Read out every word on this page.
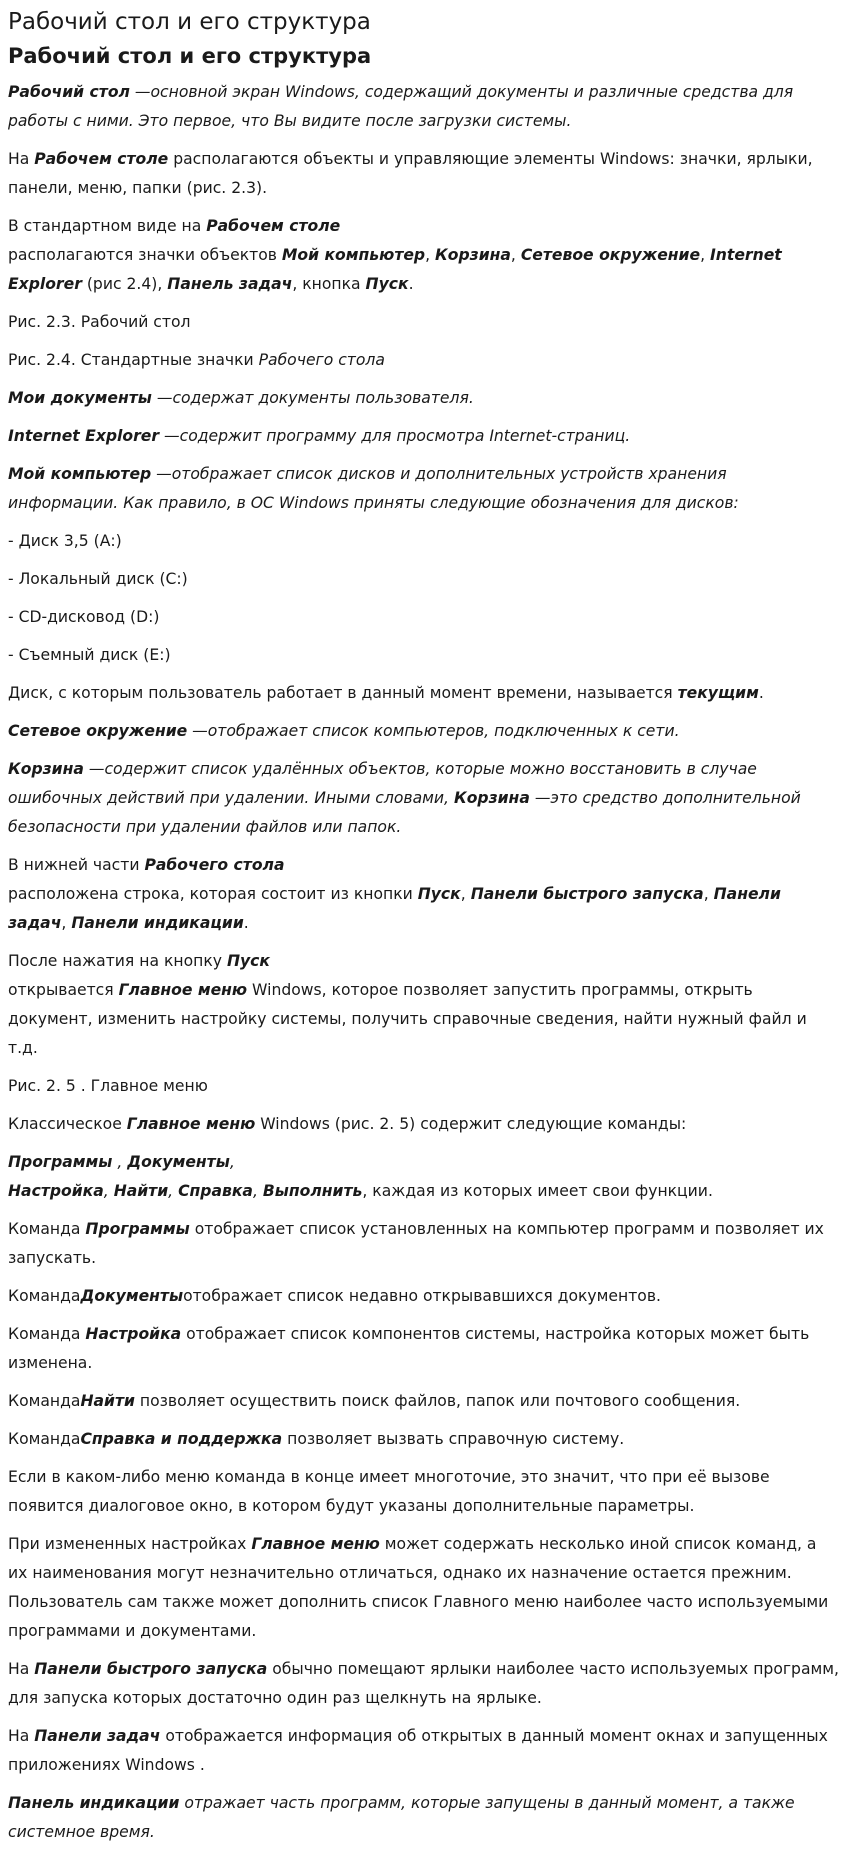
Рабочий стол и его структура
Рабочий стол и его структура

Рабочий стол —основной экран Windows, содержащий документы и различные средства для работы с ними. Это первое, что Вы видите после загрузки системы.

На Рабочем столе располагаются объекты и управляющие элементы Windows: значки, ярлыки, панели, меню, папки (рис. 2.3).

В стандартном виде на Рабочем столе
располагаются значки объектов Мой компьютер, Корзина, Сетевое окружение, Internet Explorer (рис 2.4), Панель задач, кнопка Пуск.

Рис. 2.3. Рабочий стол

Рис. 2.4. Стандартные значки Рабочего стола

Мои документы —содержат документы пользователя.

Internet Explorer —содержит программу для просмотра Internet-страниц.

Мой компьютер —отображает список дисков и дополнительных устройств хранения информации. Как правило, в ОС Windows приняты следующие обозначения для дисков:

- Диск 3,5 (А:)

- Локальный диск (С:)

- CD-дисковод (D:)

- Съемный диск (Е:)

Диск, с которым пользователь работает в данный момент времени, называется текущим.

Сетевое окружение —отображает список компьютеров, подключенных к сети.

Корзина —содержит список удалённых объектов, которые можно восстановить в случае ошибочных действий при удалении. Иными словами, Корзина —это средство дополнительной безопасности при удалении файлов или папок.

В нижней части Рабочего стола
расположена строка, которая состоит из кнопки Пуск, Панели быстрого запуска, Панели задач, Панели индикации.

После нажатия на кнопку Пуск
открывается Главное меню Windows, которое позволяет запустить программы, открыть документ, изменить настройку системы, получить справочные сведения, найти нужный файл и т.д.

Рис. 2. 5 . Главное меню

Классическое Главное меню Windows (рис. 2. 5) содержит следующие команды:

Программы , Документы,
Настройка, Найти, Справка, Выполнить, каждая из которых имеет свои функции.

Команда Программы отображает список установленных на компьютер программ и позволяет их запускать.

КомандаДокументыотображает список недавно открывавшихся документов.

Команда Настройка отображает список компонентов системы, настройка которых может быть изменена.

КомандаНайти позволяет осуществить поиск файлов, папок или почтового сообщения.

КомандаСправка и поддержка позволяет вызвать справочную систему.

Если в каком-либо меню команда в конце имеет многоточие, это значит, что при её вызове появится диалоговое окно, в котором будут указаны дополнительные параметры.

При измененных настройках Главное меню может содержать несколько иной список команд, а их наименования могут незначительно отличаться, однако их назначение остается прежним. Пользователь сам также может дополнить список Главного меню наиболее часто используемыми программами и документами.

На Панели быстрого запуска обычно помещают ярлыки наиболее часто используемых программ, для запуска которых достаточно один раз щелкнуть на ярлыке.

На Панели задач отображается информация об открытых в данный момент окнах и запущенных приложениях Windows .

Панель индикации отражает часть программ, которые запущены в данный момент, а также системное время.
